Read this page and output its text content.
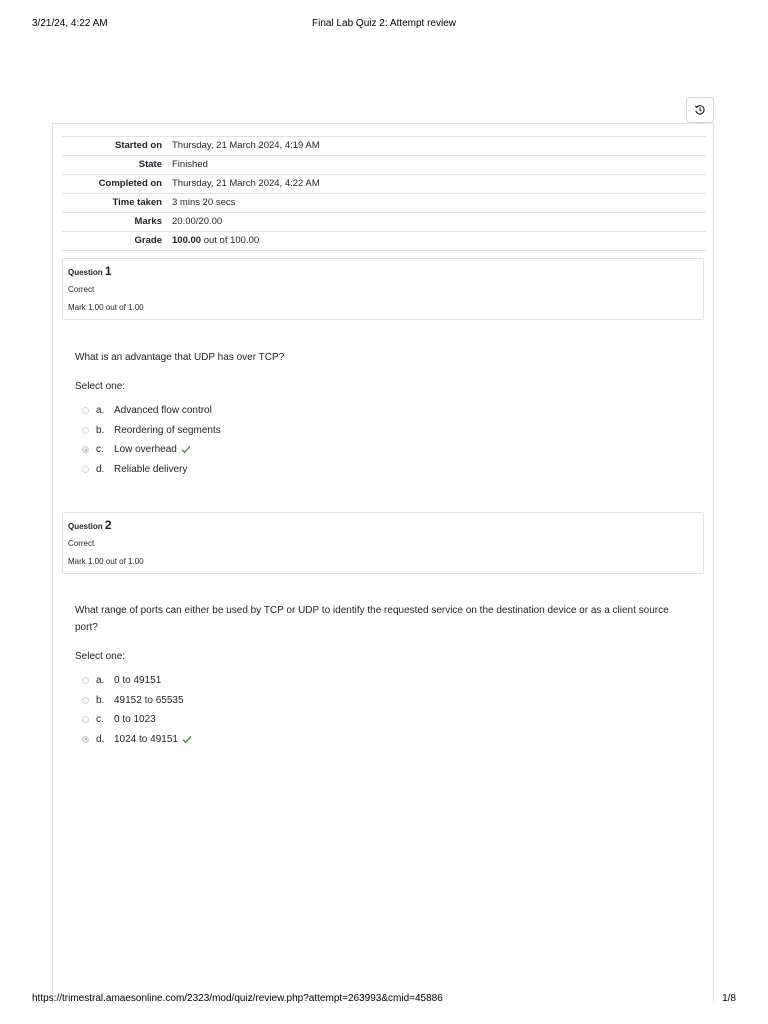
3/21/24, 4:22 AM	Final Lab Quiz 2: Attempt review
Started on	Thursday, 21 March 2024, 4:19 AM
State	Finished
Completed on	Thursday, 21 March 2024, 4:22 AM
Time taken	3 mins 20 secs
Marks	20.00/20.00
Grade	100.00 out of 100.00
Question 1
Correct
Mark 1.00 out of 1.00
What is an advantage that UDP has over TCP?
Select one:
a. Advanced flow control
b. Reordering of segments
c.	Low overhead
d. Reliable delivery
Question 2
Correct
Mark 1.00 out of 1.00
What range of ports can either be used by TCP or UDP to identify the requested service on the destination device or as a client source port?
Select one:
a. 0 to 49151
b. 49152 to 65535
c.	0 to 1023
d. 1024 to 49151
https://trimestral.amaesonline.com/2323/mod/quiz/review.php?attempt=263993&cmid=45886	1/8
